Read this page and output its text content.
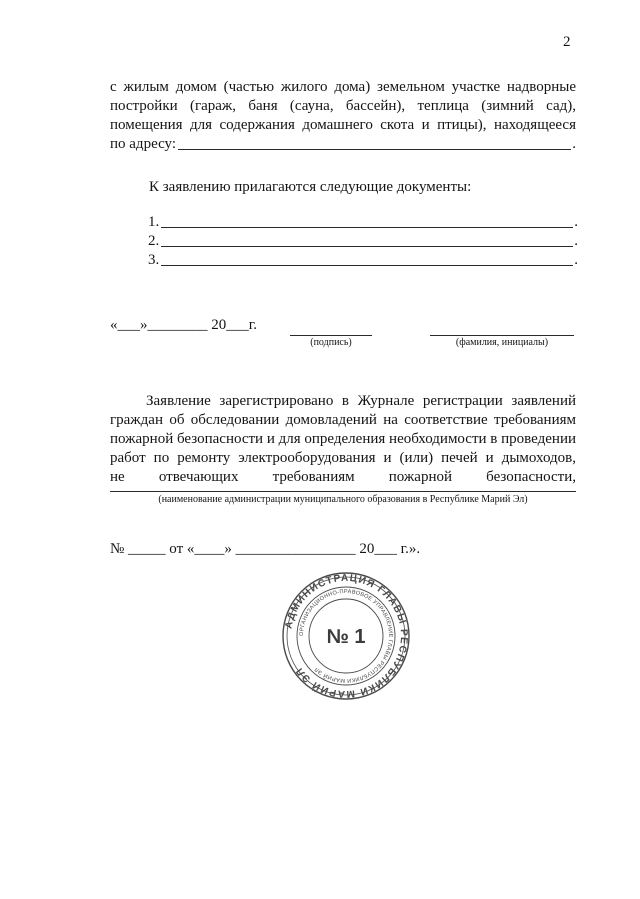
2
с жилым домом (частью жилого дома) земельном участке надворные
постройки (гараж, баня (сауна, бассейн), теплица (зимний сад),
помещения для содержания домашнего скота и птицы), находящееся
по адресу:	.
К заявлению прилагаются следующие документы:
1.	.
2.	.
3.	.
«___»________ 20___г.
(подпись)	(фамилия, инициалы)
Заявление зарегистрировано в Журнале регистрации заявлений
граждан об обследовании домовладений на соответствие требованиям
пожарной безопасности и для определения необходимости в проведении
работ по ремонту электрооборудования и (или) печей и дымоходов,
не отвечающих требованиям пожарной безопасности,
(наименование администрации муниципального образования в Республике Марий Эл)
№ _____ от «____» ________________ 20___ г.».
АДМИНИСТРАЦИЯ ГЛАВЫ РЕСПУБЛИКИ МАРИЙ ЭЛ
ОРГАНИЗАЦИОННО-ПРАВОВОЕ УПРАВЛЕНИЕ ГЛАВЫ РЕСПУБЛИКИ МАРИЙ ЭЛ
№ 1
